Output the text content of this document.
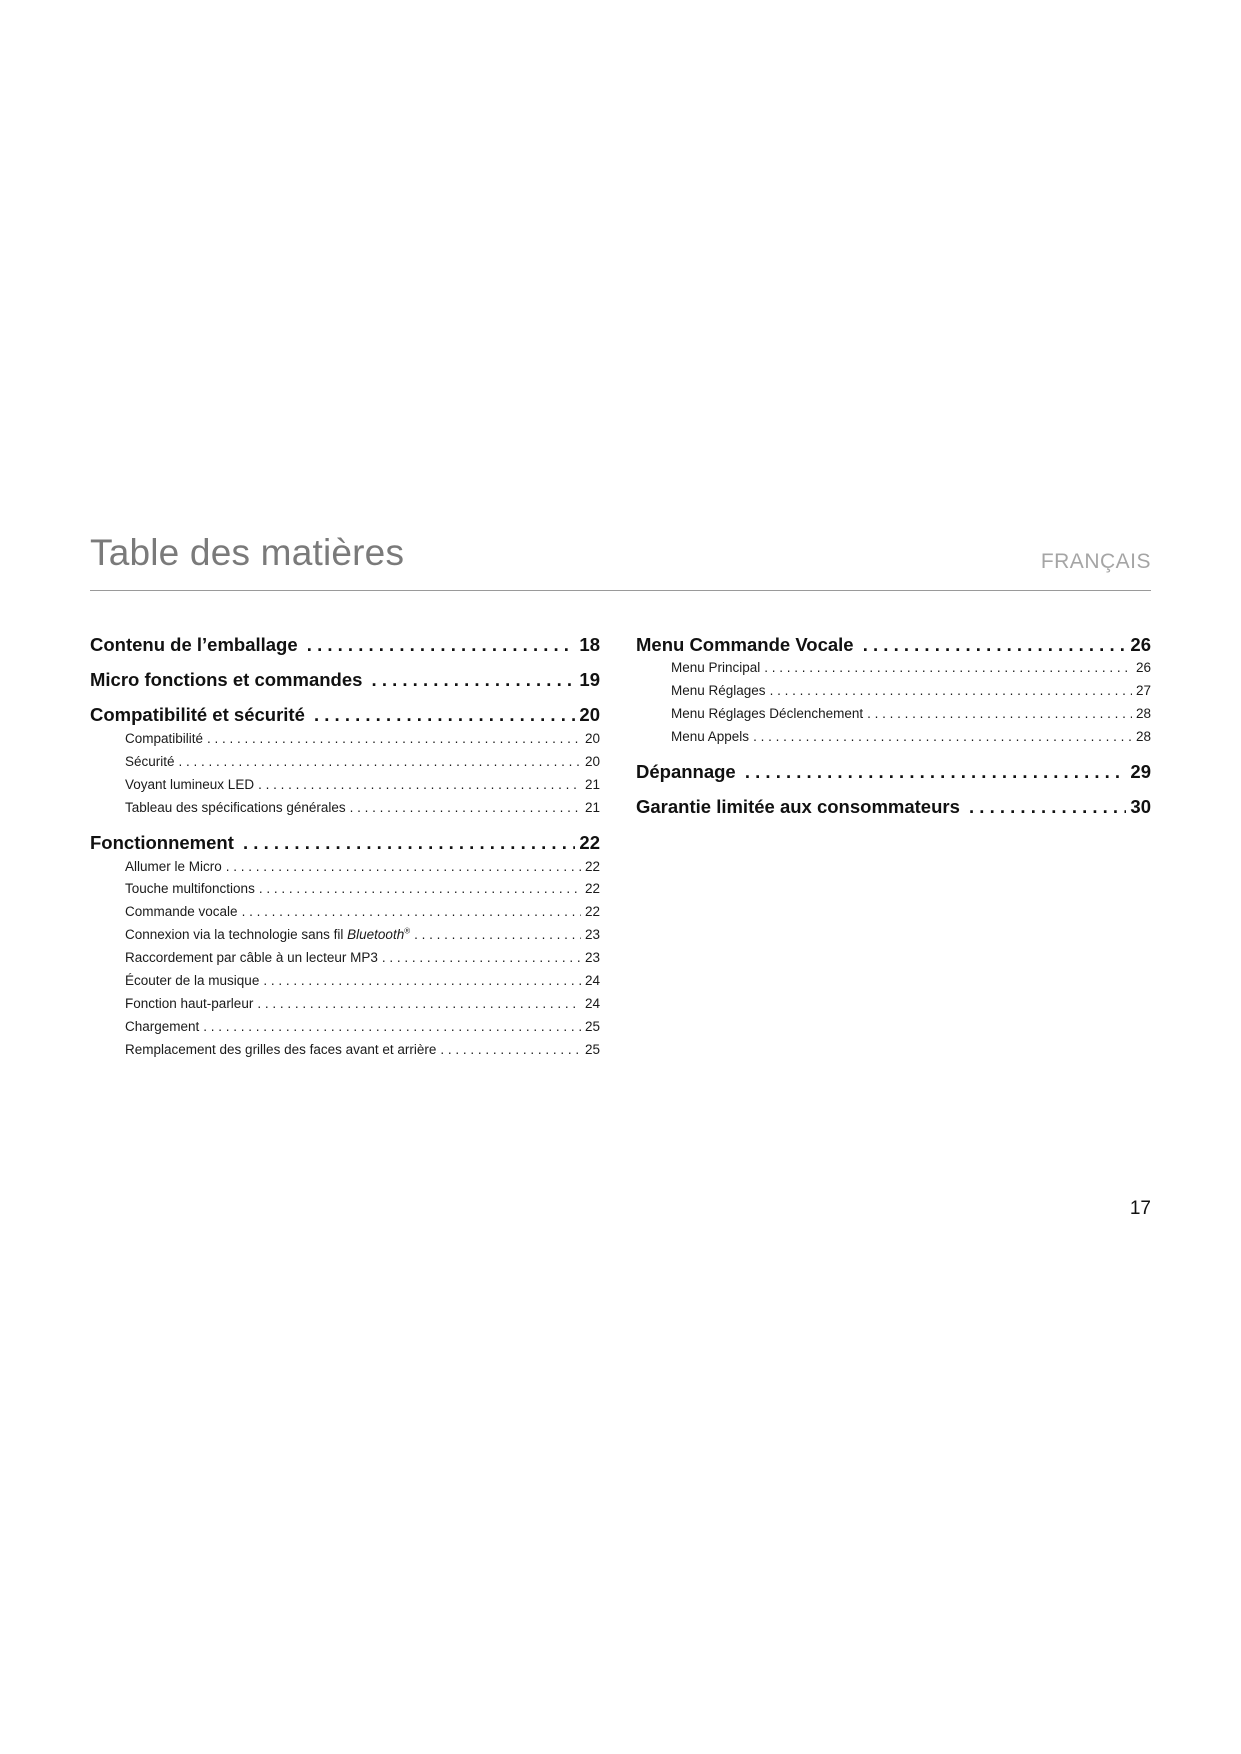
Table des matières	FRANÇAIS
Contenu de l’emballage . . .	18
Micro fonctions et commandes . . .	19
Compatibilité et sécurité . . .	20
Compatibilité . . .	20
Sécurité . . .	20
Voyant lumineux LED . . .	21
Tableau des spécifications générales . . .	21
Fonctionnement . . .	22
Allumer le Micro . . .	22
Touche multifonctions . . .	22
Commande vocale . . .	22
Connexion via la technologie sans fil Bluetooth® . . .	23
Raccordement par câble à un lecteur MP3 . . .	23
Écouter de la musique . . .	24
Fonction haut-parleur . . .	24
Chargement . . .	25
Remplacement des grilles des faces avant et arrière . . .	25
Menu Commande Vocale . . .	26
Menu Principal . . .	26
Menu Réglages . . .	27
Menu Réglages Déclenchement . . .	28
Menu Appels . . .	28
Dépannage . . .	29
Garantie limitée aux consommateurs . . .	30
17
